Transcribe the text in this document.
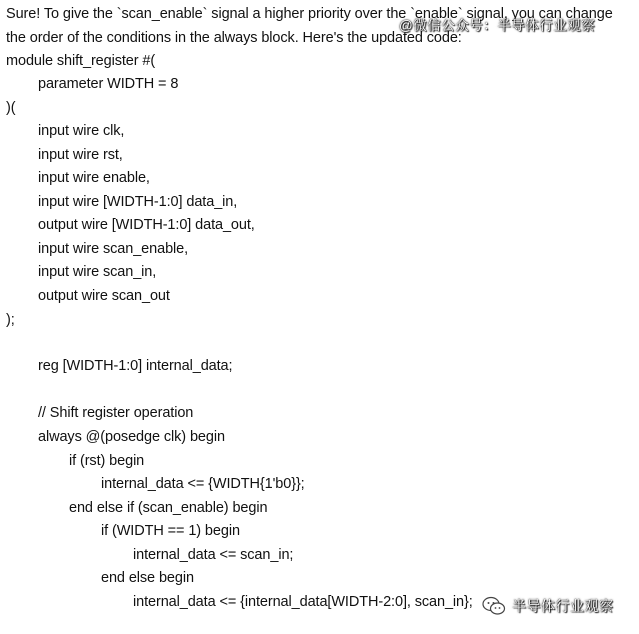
Sure! To give the `scan_enable` signal a higher priority over the `enable` signal, you can change the order of the conditions in the always block. Here's the updated code:
module shift_register #(
parameter WIDTH = 8
)(
input wire clk,
input wire rst,
input wire enable,
input wire [WIDTH-1:0] data_in,
output wire [WIDTH-1:0] data_out,
input wire scan_enable,
input wire scan_in,
output wire scan_out
);
reg [WIDTH-1:0] internal_data;
// Shift register operation
always @(posedge clk) begin
if (rst) begin
internal_data <= {WIDTH{1'b0}};
end else if (scan_enable) begin
if (WIDTH == 1) begin
internal_data <= scan_in;
end else begin
internal_data <= {internal_data[WIDTH-2:0], scan_in};
@微信公众号：半导体行业观察
半导体行业观察
